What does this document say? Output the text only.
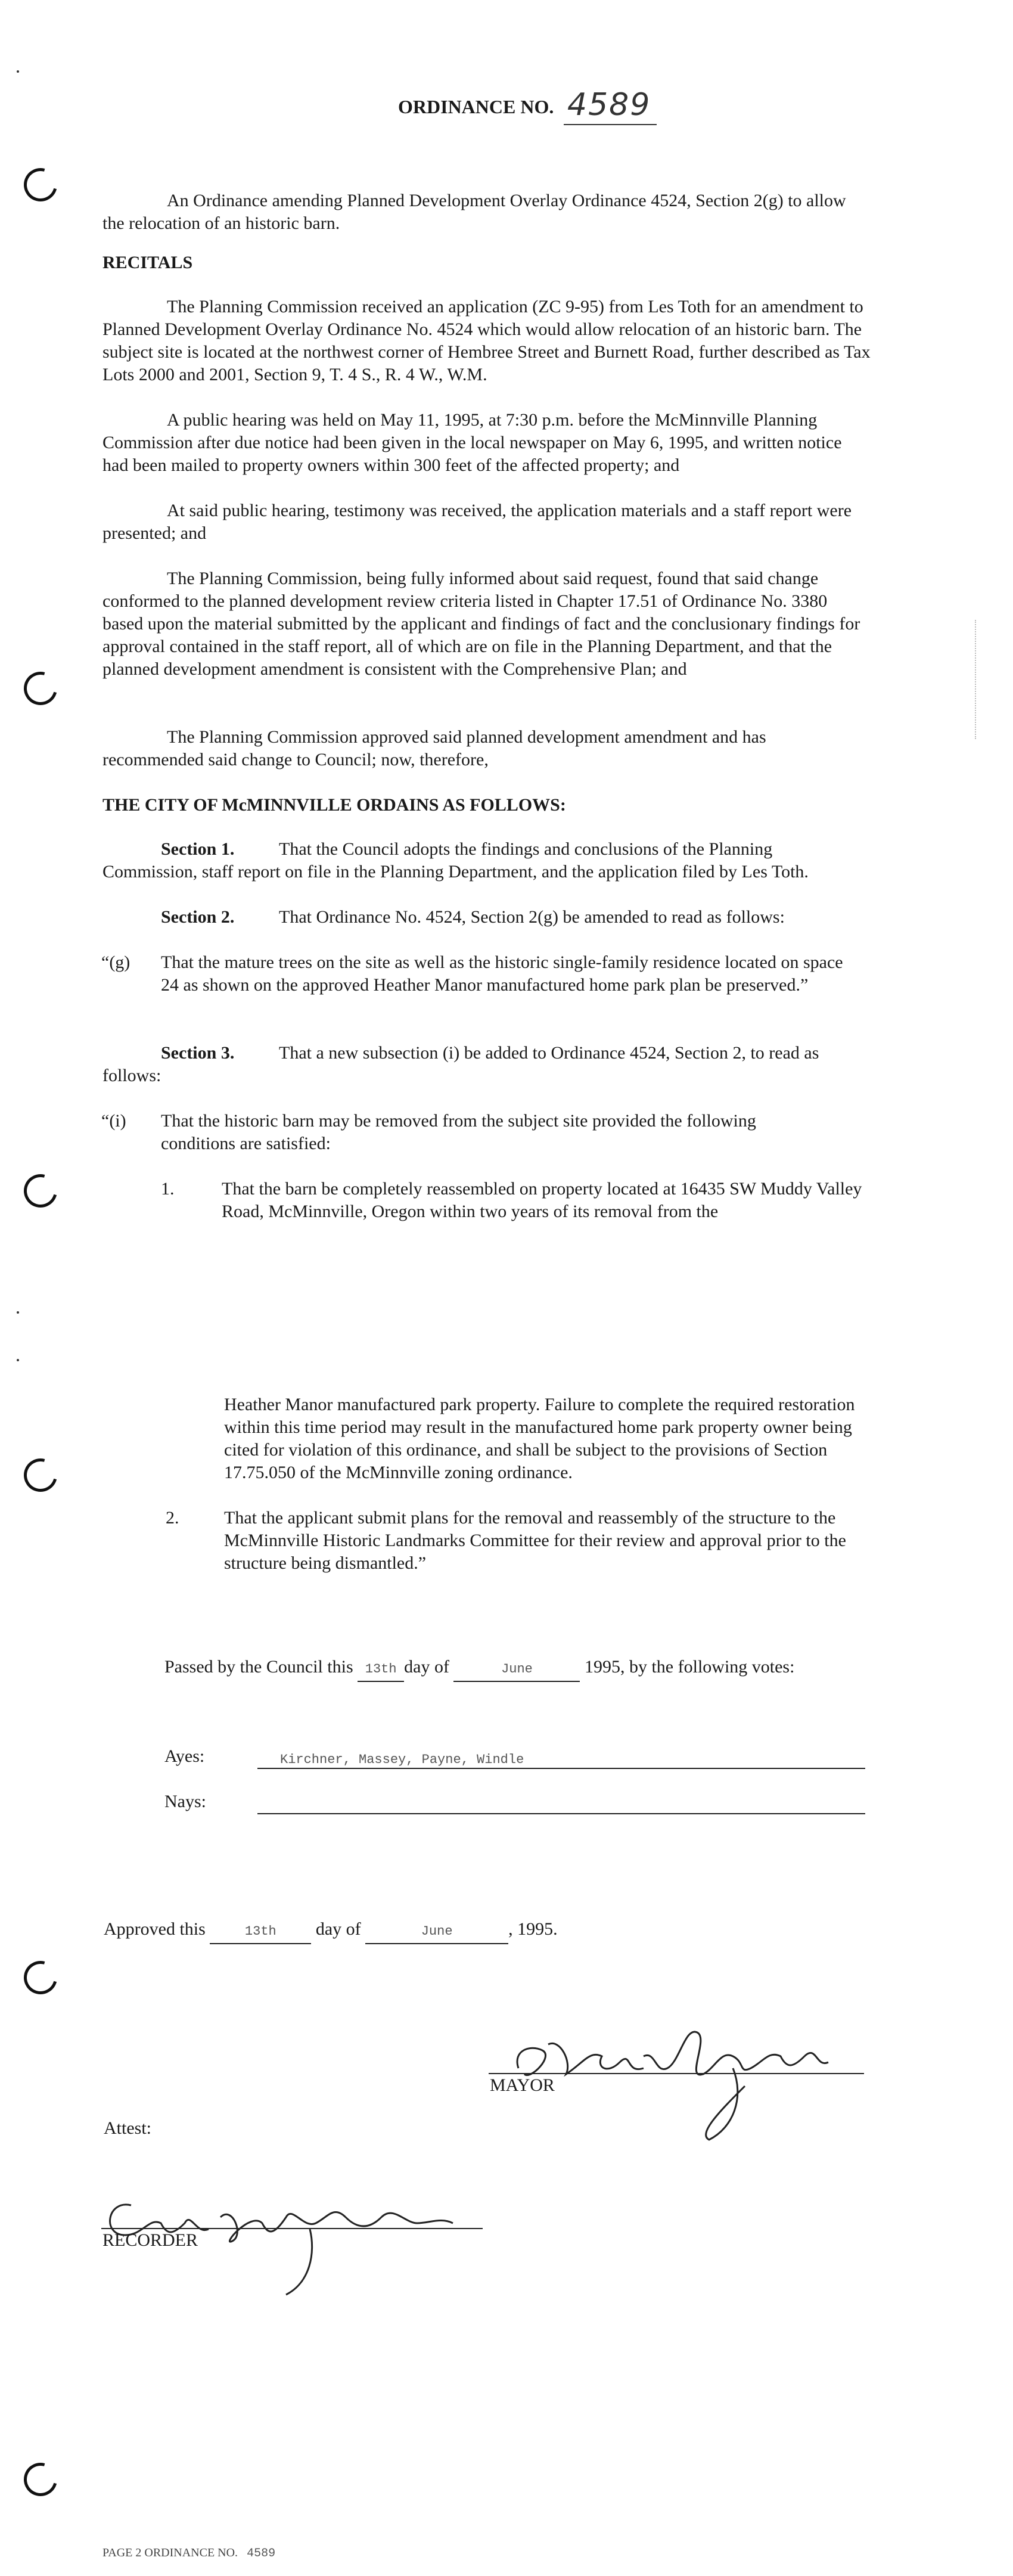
ORDINANCE NO. 4589
An Ordinance amending Planned Development Overlay Ordinance 4524, Section 2(g) to allow the relocation of an historic barn.
RECITALS
The Planning Commission received an application (ZC 9-95) from Les Toth for an amendment to Planned Development Overlay Ordinance No. 4524 which would allow relocation of an historic barn. The subject site is located at the northwest corner of Hembree Street and Burnett Road, further described as Tax Lots 2000 and 2001, Section 9, T. 4 S., R. 4 W., W.M.
A public hearing was held on May 11, 1995, at 7:30 p.m. before the McMinnville Planning Commission after due notice had been given in the local newspaper on May 6, 1995, and written notice had been mailed to property owners within 300 feet of the affected property; and
At said public hearing, testimony was received, the application materials and a staff report were presented; and
The Planning Commission, being fully informed about said request, found that said change conformed to the planned development review criteria listed in Chapter 17.51 of Ordinance No. 3380 based upon the material submitted by the applicant and findings of fact and the conclusionary findings for approval contained in the staff report, all of which are on file in the Planning Department, and that the planned development amendment is consistent with the Comprehensive Plan; and
The Planning Commission approved said planned development amendment and has recommended said change to Council; now, therefore,
THE CITY OF McMINNVILLE ORDAINS AS FOLLOWS:
Section 1.	That the Council adopts the findings and conclusions of the Planning Commission, staff report on file in the Planning Department, and the application filed by Les Toth.
Section 2. That Ordinance No. 4524, Section 2(g) be amended to read as follows:
“(g) That the mature trees on the site as well as the historic single-family residence located on space 24 as shown on the approved Heather Manor manufactured home park plan be preserved.”
Section 3.	That a new subsection (i) be added to Ordinance 4524, Section 2, to read as follows:
“(i) That the historic barn may be removed from the subject site provided the following conditions are satisfied:
1.	That the barn be completely reassembled on property located at 16435 SW Muddy Valley Road, McMinnville, Oregon within two years of its removal from the
Heather Manor manufactured park property. Failure to complete the required restoration within this time period may result in the manufactured home park property owner being cited for violation of this ordinance, and shall be subject to the provisions of Section 17.75.050 of the McMinnville zoning ordinance.
2.	That the applicant submit plans for the removal and reassembly of the structure to the McMinnville Historic Landmarks Committee for their review and approval prior to the structure being dismantled.”
Passed by the Council this 13th day of	June	1995, by the following votes:
Ayes:	Kirchner, Massey, Payne, Windle
Nays:
Approved this	13th day of	June	, 1995.
MAYOR
Attest:
RECORDER
PAGE 2 ORDINANCE NO. 4589
